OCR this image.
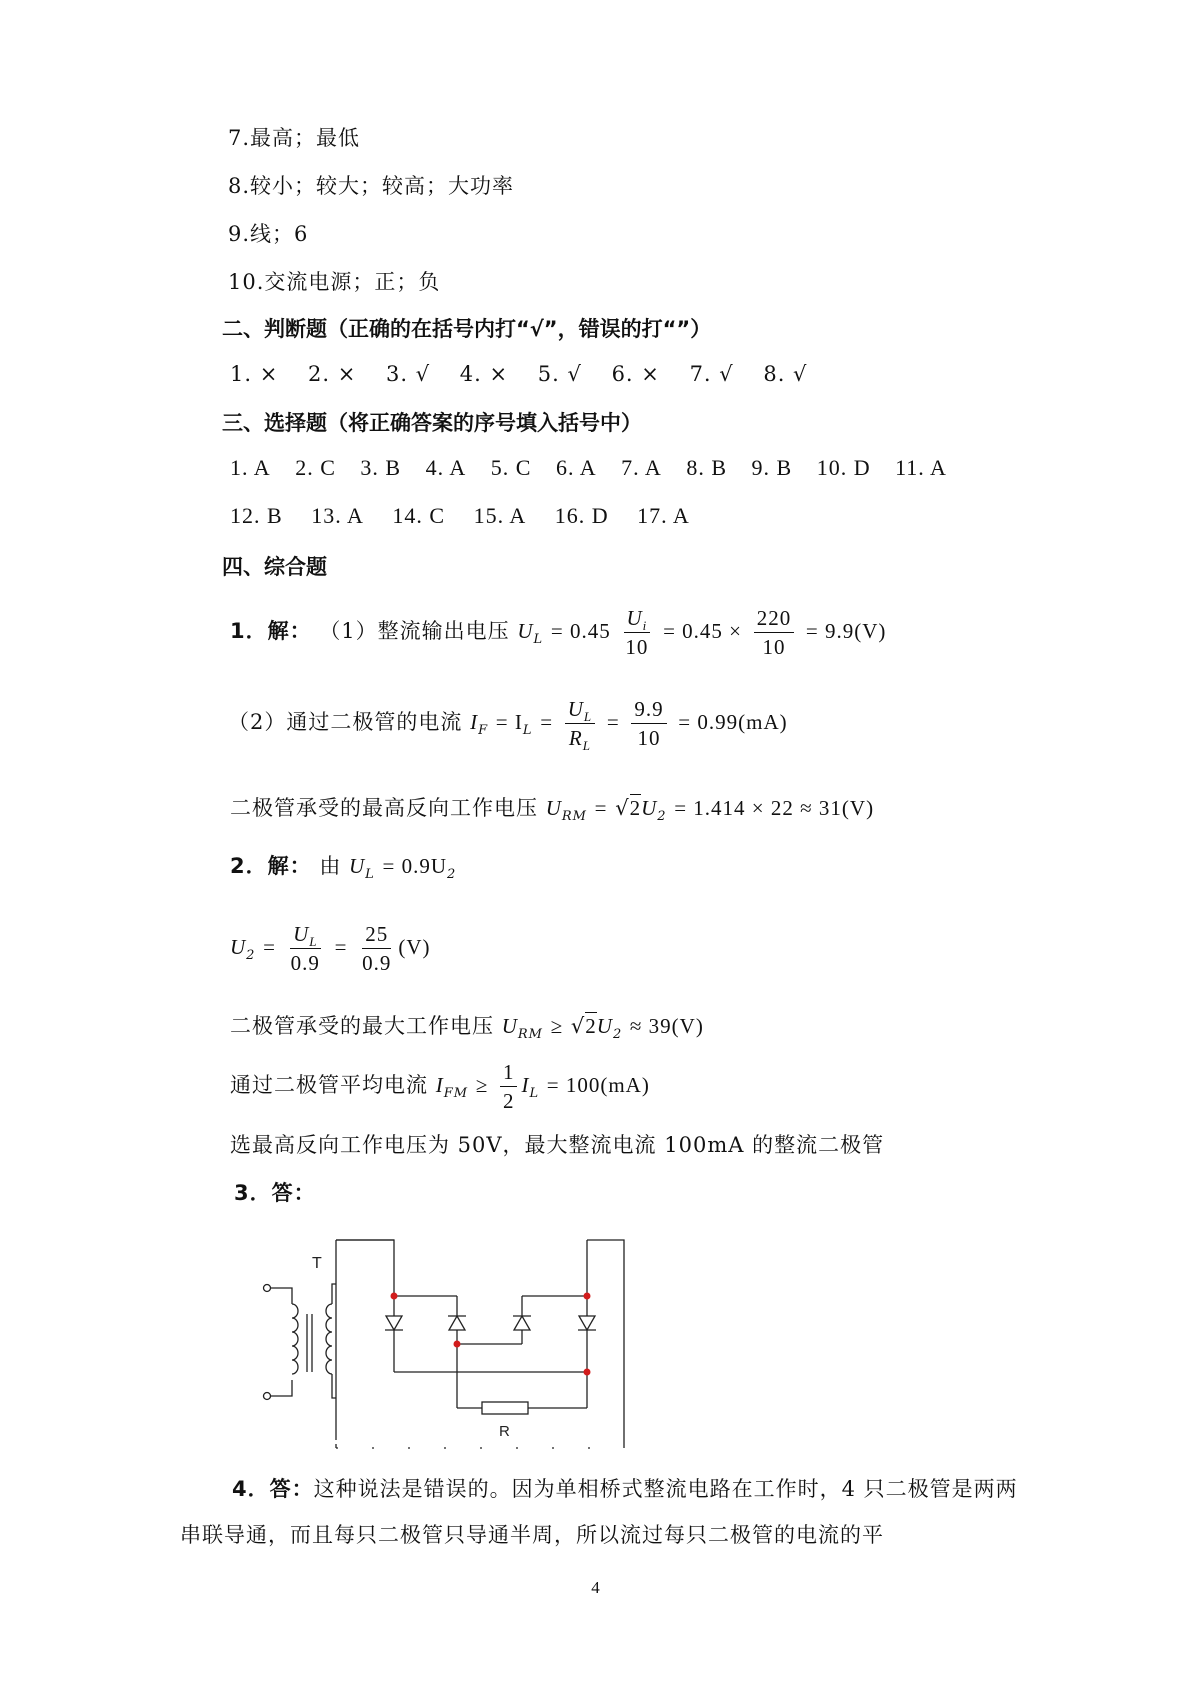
7.最高；最低
8.较小；较大；较高；大功率
9.线；6
10.交流电源；正；负
二、判断题（正确的在括号内打“√”，错误的打“”）
1. × 2. × 3. √ 4. × 5. √ 6. × 7. √ 8. √
三、选择题（将正确答案的序号填入括号中）
1. A 2. C 3. B 4. A 5. C 6. A 7. A 8. B 9. B 10. D 11. A
12. B 13. A 14. C 15. A 16. D 17. A
四、综合题
1．解： （1）整流输出电压 $U_L = 0.45 \frac{U_i}{10} = 0.45 \times \frac{220}{10} = 9.9(V)$
（2）通过二极管的电流 $I_F = I_L = \frac{U_L}{R_L} = \frac{9.9}{10} = 0.99(mA)$
二极管承受的最高反向工作电压 $U_{RM} = √2U_2 = 1.414 \times 22 \approx 31(V)$
2．解： 由 $U_L = 0.9U_2$
$U_2 = \frac{U_L}{0.9} = \frac{25}{0.9} (V)$
二极管承受的最大工作电压 $U_{RM} \ge √2U_2 \approx 39(V)$
通过二极管平均电流 $I_{FM} \ge \frac{1}{2} I_L = 100(mA)$
选最高反向工作电压为 50V，最大整流电流 100mA 的整流二极管
3．答：
T
R
4．答：这种说法是错误的。因为单相桥式整流电路在工作时，4 只二极管是两两串联导通，而且每只二极管只导通半周，所以流过每只二极管的电流的平
4
